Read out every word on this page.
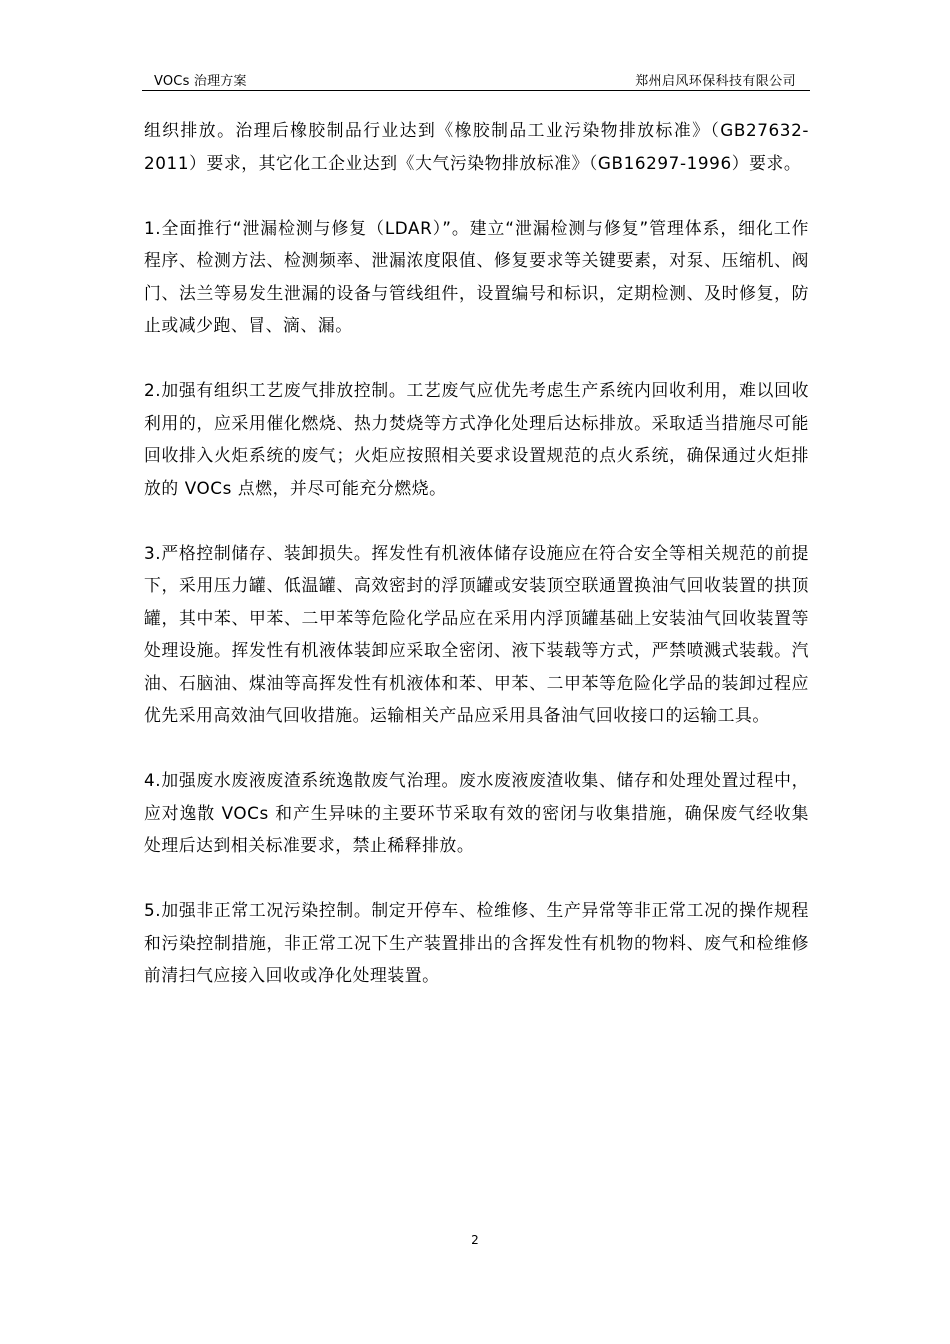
VOCs 治理方案	郑州启风环保科技有限公司

组织排放。治理后橡胶制品行业达到《橡胶制品工业污染物排放标准》（GB27632-2011）要求，其它化工企业达到《大气污染物排放标准》（GB16297-1996）要求。

1.全面推行“泄漏检测与修复（LDAR）”。建立“泄漏检测与修复”管理体系，细化工作程序、检测方法、检测频率、泄漏浓度限值、修复要求等关键要素，对泵、压缩机、阀门、法兰等易发生泄漏的设备与管线组件，设置编号和标识，定期检测、及时修复，防止或减少跑、冒、滴、漏。

2.加强有组织工艺废气排放控制。工艺废气应优先考虑生产系统内回收利用，难以回收利用的，应采用催化燃烧、热力焚烧等方式净化处理后达标排放。采取适当措施尽可能回收排入火炬系统的废气；火炬应按照相关要求设置规范的点火系统，确保通过火炬排放的 VOCs 点燃，并尽可能充分燃烧。

3.严格控制储存、装卸损失。挥发性有机液体储存设施应在符合安全等相关规范的前提下，采用压力罐、低温罐、高效密封的浮顶罐或安装顶空联通置换油气回收装置的拱顶罐，其中苯、甲苯、二甲苯等危险化学品应在采用内浮顶罐基础上安装油气回收装置等处理设施。挥发性有机液体装卸应采取全密闭、液下装载等方式，严禁喷溅式装载。汽油、石脑油、煤油等高挥发性有机液体和苯、甲苯、二甲苯等危险化学品的装卸过程应优先采用高效油气回收措施。运输相关产品应采用具备油气回收接口的运输工具。

4.加强废水废液废渣系统逸散废气治理。废水废液废渣收集、储存和处理处置过程中，应对逸散 VOCs 和产生异味的主要环节采取有效的密闭与收集措施，确保废气经收集处理后达到相关标准要求，禁止稀释排放。

5.加强非正常工况污染控制。制定开停车、检维修、生产异常等非正常工况的操作规程和污染控制措施，非正常工况下生产装置排出的含挥发性有机物的物料、废气和检维修前清扫气应接入回收或净化处理装置。

2
